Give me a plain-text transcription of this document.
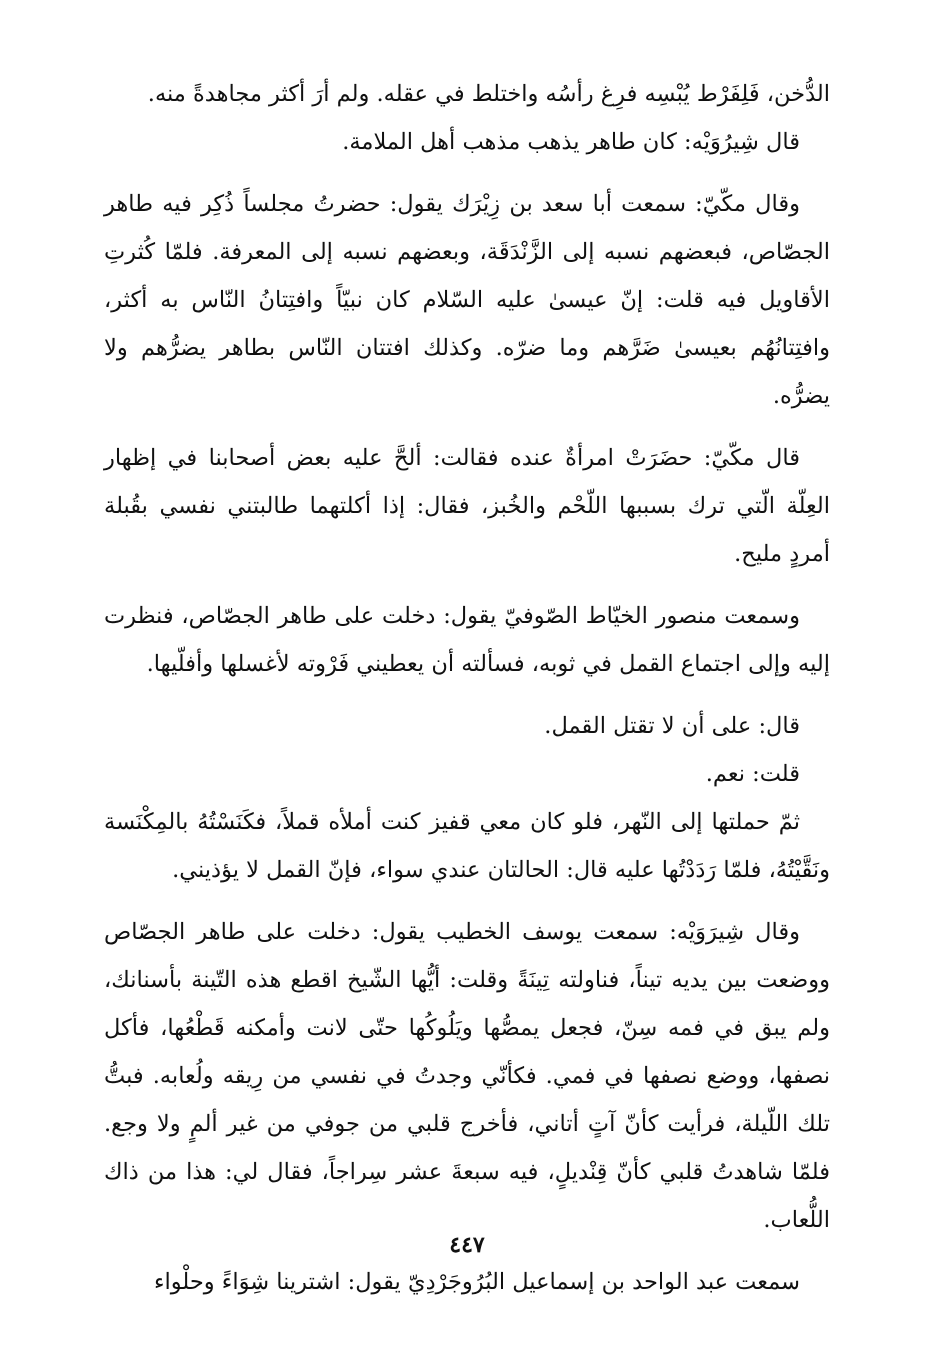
الدُّخن، فَلِفَرْط يُبْسِه فرِغ رأسُه واختلط في عقله. ولم أرَ أكثر مجاهدةً منه.

قال شِيرُوَيْه: كان طاهر يذهب مذهب أهل الملامة.

وقال مكّيّ: سمعت أبا سعد بن زِيْرَك يقول: حضرتُ مجلساً ذُكِر فيه طاهر الجصّاص، فبعضهم نسبه إلى الزَّنْدَقَة، وبعضهم نسبه إلى المعرفة. فلمّا كُثرتِ الأقاويل فيه قلت: إنّ عيسىٰ عليه السّلام كان نبيّاً وافتِتانُ النّاس به أكثر، وافتِتانُهُم بعيسىٰ ضَرَّهم وما ضرّه. وكذلك افتتان النّاس بطاهر يضرُّهم ولا يضرُّه.

قال مكّيّ: حضَرَتْ امرأةٌ عنده فقالت: ألحَّ عليه بعض أصحابنا في إظهار العِلّة الّتي ترك بسببها اللّحْم والخُبز، فقال: إذا أكلتهما طالبتني نفسي بقُبلة أمردٍ مليح.

وسمعت منصور الخيّاط الصّوفيّ يقول: دخلت على طاهر الجصّاص، فنظرت إليه وإلى اجتماع القمل في ثوبه، فسألته أن يعطيني فَرْوته لأغسلها وأفلّيها.

قال: على أن لا تقتل القمل.

قلت: نعم.

ثمّ حملتها إلى النّهر، فلو كان معي قفيز كنت أملأه قملاً، فكَنَسْتُهُ بالمِكْنَسة ونَقَّيْتُهُ، فلمّا رَدَدْتُها عليه قال: الحالتان عندي سواء، فإنّ القمل لا يؤذيني.

وقال شِيرَوَيْه: سمعت يوسف الخطيب يقول: دخلت على طاهر الجصّاص ووضعت بين يديه تيناً، فناولته تِينَةً وقلت: أيُّها الشّيخ اقطع هذه التّينة بأسنانك، ولم يبق في فمه سِنّ، فجعل يمصُّها ويَلُوكُها حتّى لانت وأمكنه قَطْعُها، فأكل نصفها، ووضع نصفها في فمي. فكأنّي وجدتُ في نفسي من رِيقه ولُعابه. فبتُّ تلك اللّيلة، فرأيت كأنّ آتٍ أتاني، فأخرج قلبي من جوفي من غير ألمٍ ولا وجع. فلمّا شاهدتُ قلبي كأنّ قِنْديلٍ، فيه سبعةَ عشر سِراجاً، فقال لي: هذا من ذاك اللُّعاب.

سمعت عبد الواحد بن إسماعيل البُرُوجَرْدِيّ يقول: اشترينا شِوَاءً وحلْواء

٤٤٧
